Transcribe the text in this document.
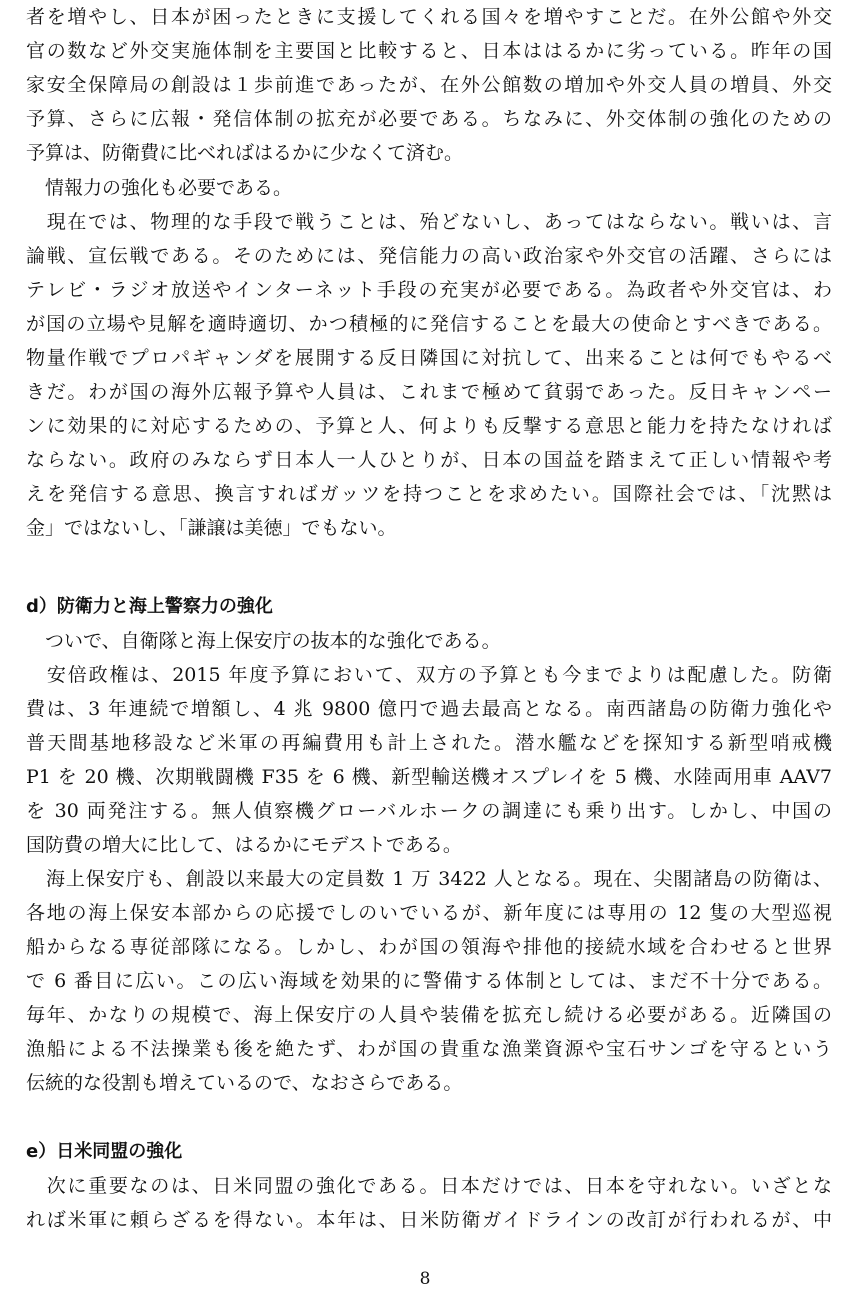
者を増やし、日本が困ったときに支援してくれる国々を増やすことだ。在外公館や外交
官の数など外交実施体制を主要国と比較すると、日本ははるかに劣っている。昨年の国
家安全保障局の創設は１歩前進であったが、在外公館数の増加や外交人員の増員、外交
予算、さらに広報・発信体制の拡充が必要である。ちなみに、外交体制の強化のための
予算は、防衛費に比べればはるかに少なくて済む。
　情報力の強化も必要である。
　現在では、物理的な手段で戦うことは、殆どないし、あってはならない。戦いは、言
論戦、宣伝戦である。そのためには、発信能力の高い政治家や外交官の活躍、さらには
テレビ・ラジオ放送やインターネット手段の充実が必要である。為政者や外交官は、わ
が国の立場や見解を適時適切、かつ積極的に発信することを最大の使命とすべきである。
物量作戦でプロパギャンダを展開する反日隣国に対抗して、出来ることは何でもやるべ
きだ。わが国の海外広報予算や人員は、これまで極めて貧弱であった。反日キャンペー
ンに効果的に対応するための、予算と人、何よりも反撃する意思と能力を持たなければ
ならない。政府のみならず日本人一人ひとりが、日本の国益を踏まえて正しい情報や考
えを発信する意思、換言すればガッツを持つことを求めたい。国際社会では、「沈黙は
金」ではないし、「謙譲は美徳」でもない。
d）防衛力と海上警察力の強化
　ついで、自衛隊と海上保安庁の抜本的な強化である。
　安倍政権は、2015 年度予算において、双方の予算とも今までよりは配慮した。防衛
費は、3 年連続で増額し、4 兆 9800 億円で過去最高となる。南西諸島の防衛力強化や
普天間基地移設など米軍の再編費用も計上された。潜水艦などを探知する新型哨戒機
P1 を 20 機、次期戦闘機 F35 を 6 機、新型輸送機オスプレイを 5 機、水陸両用車 AAV7
を 30 両発注する。無人偵察機グローバルホークの調達にも乗り出す。しかし、中国の
国防費の増大に比して、はるかにモデストである。
　海上保安庁も、創設以来最大の定員数 1 万 3422 人となる。現在、尖閣諸島の防衛は、
各地の海上保安本部からの応援でしのいでいるが、新年度には専用の 12 隻の大型巡視
船からなる専従部隊になる。しかし、わが国の領海や排他的接続水域を合わせると世界
で 6 番目に広い。この広い海域を効果的に警備する体制としては、まだ不十分である。
毎年、かなりの規模で、海上保安庁の人員や装備を拡充し続ける必要がある。近隣国の
漁船による不法操業も後を絶たず、わが国の貴重な漁業資源や宝石サンゴを守るという
伝統的な役割も増えているので、なおさらである。
e）日米同盟の強化
　次に重要なのは、日米同盟の強化である。日本だけでは、日本を守れない。いざとな
れば米軍に頼らざるを得ない。本年は、日米防衛ガイドラインの改訂が行われるが、中
8
